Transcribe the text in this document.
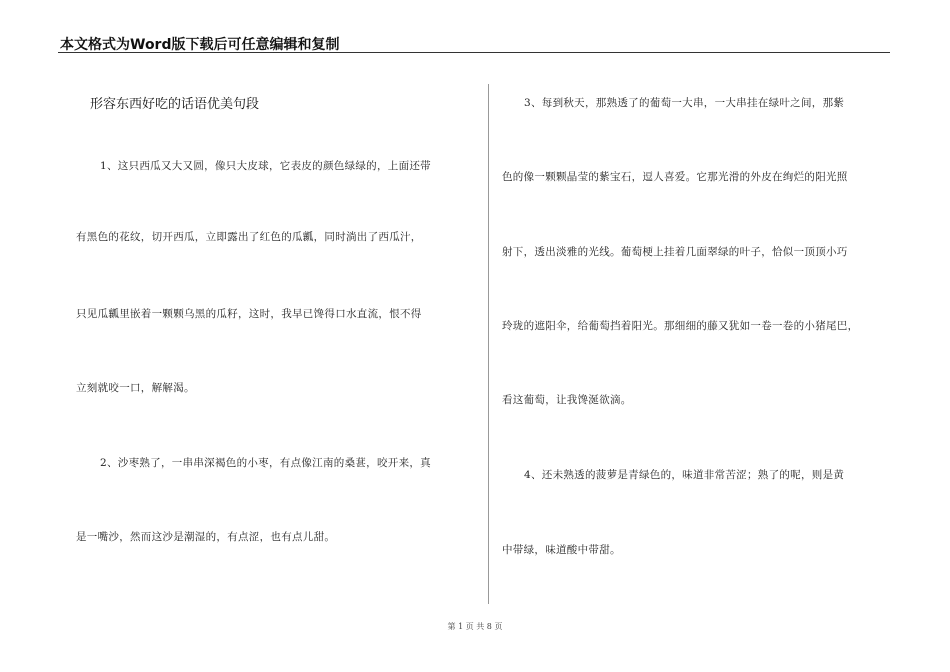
本文格式为Word版下载后可任意编辑和复制
形容东西好吃的话语优美句段
1、这只西瓜又大又圆，像只大皮球，它表皮的颜色绿绿的，上面还带
有黑色的花纹，切开西瓜，立即露出了红色的瓜瓤，同时淌出了西瓜汁，
只见瓜瓤里嵌着一颗颗乌黑的瓜籽，这时，我早已馋得口水直流，恨不得
立刻就咬一口，解解渴。
2、沙枣熟了，一串串深褐色的小枣，有点像江南的桑葚，咬开来，真
是一嘴沙，然而这沙是潮湿的，有点涩，也有点儿甜。
3、每到秋天，那熟透了的葡萄一大串，一大串挂在绿叶之间，那紫
色的像一颗颗晶莹的紫宝石，逗人喜爱。它那光滑的外皮在绚烂的阳光照
射下，透出淡雅的光线。葡萄梗上挂着几面翠绿的叶子，恰似一顶顶小巧
玲珑的遮阳伞，给葡萄挡着阳光。那细细的藤又犹如一卷一卷的小猪尾巴，
看这葡萄，让我馋涎欲滴。
4、还未熟透的菠萝是青绿色的，味道非常苦涩；熟了的呢，则是黄
中带绿，味道酸中带甜。
第 1 页 共 8 页
